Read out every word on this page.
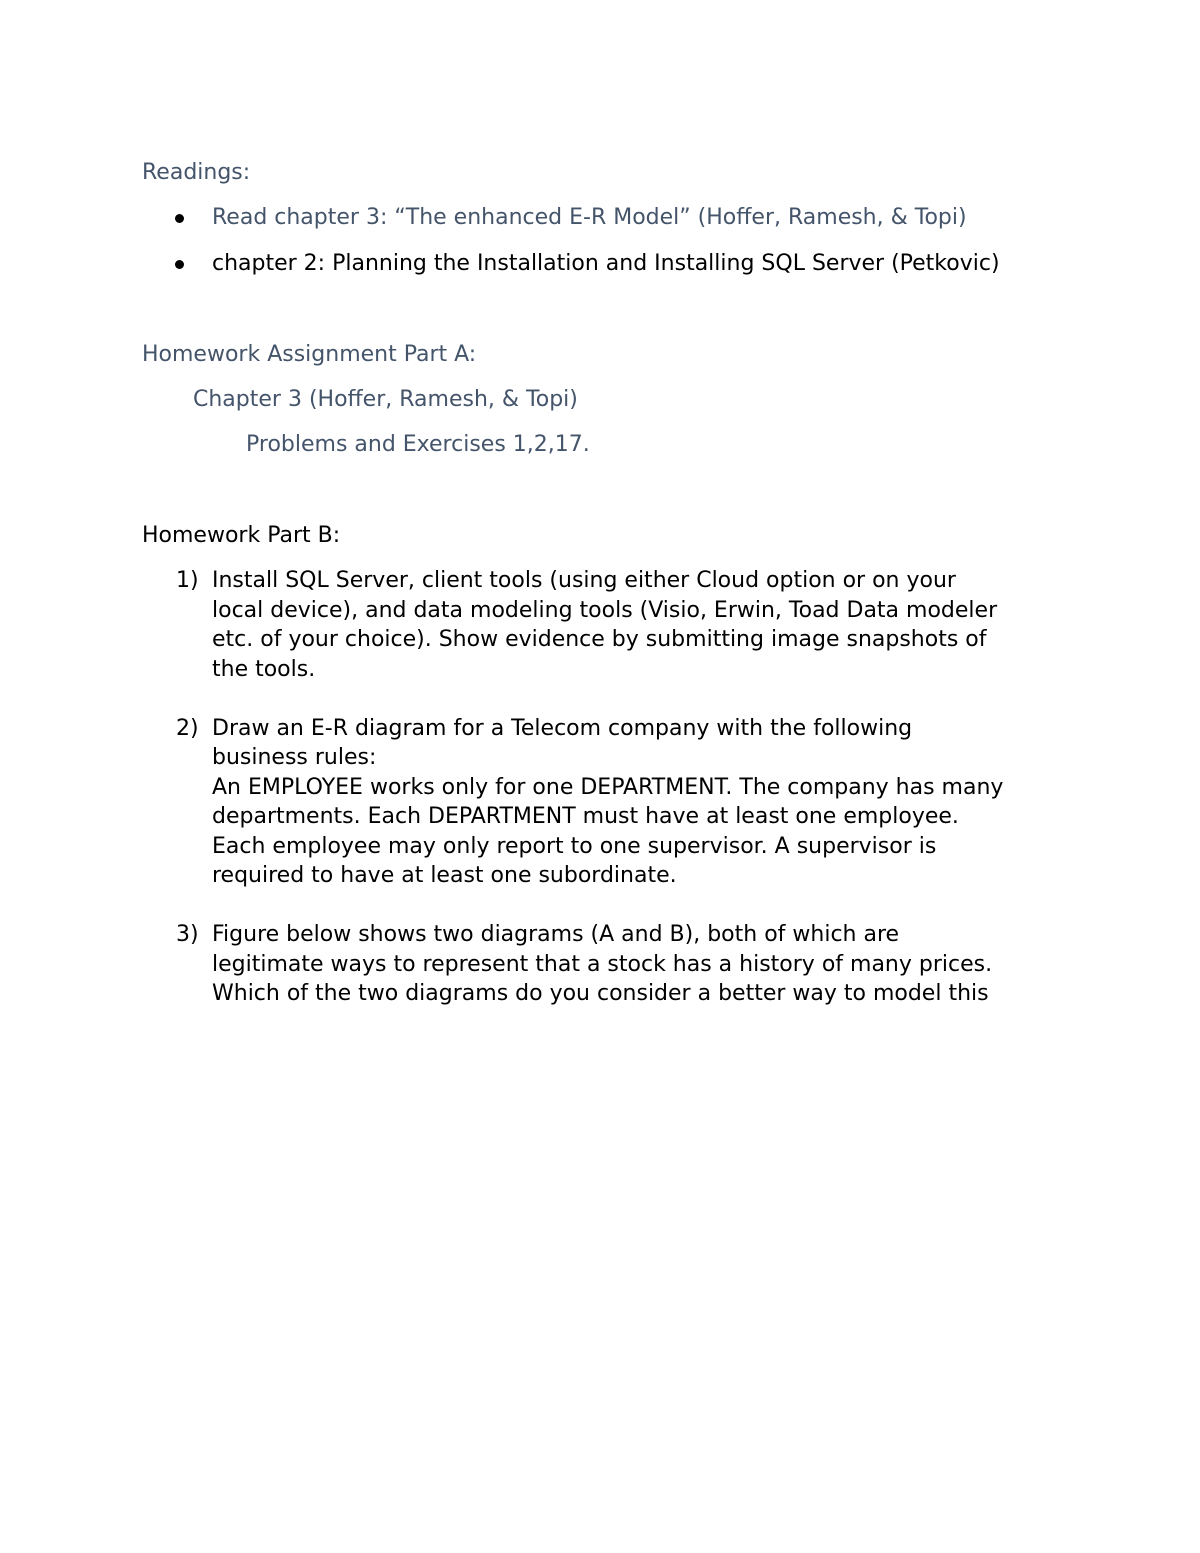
Readings:
Read chapter 3: “The enhanced E-R Model” (Hoffer, Ramesh, & Topi)
chapter 2: Planning the Installation and Installing SQL Server (Petkovic)
Homework Assignment Part A:
Chapter 3 (Hoffer, Ramesh, & Topi)
Problems and Exercises 1,2,17.
Homework Part B:
1) Install SQL Server, client tools (using either Cloud option or on your
local device), and data modeling tools (Visio, Erwin, Toad Data modeler
etc. of your choice). Show evidence by submitting image snapshots of
the tools.
2) Draw an E-R diagram for a Telecom company with the following
business rules:
An EMPLOYEE works only for one DEPARTMENT. The company has many
departments. Each DEPARTMENT must have at least one employee.
Each employee may only report to one supervisor. A supervisor is
required to have at least one subordinate.
3) Figure below shows two diagrams (A and B), both of which are
legitimate ways to represent that a stock has a history of many prices.
Which of the two diagrams do you consider a better way to model this
